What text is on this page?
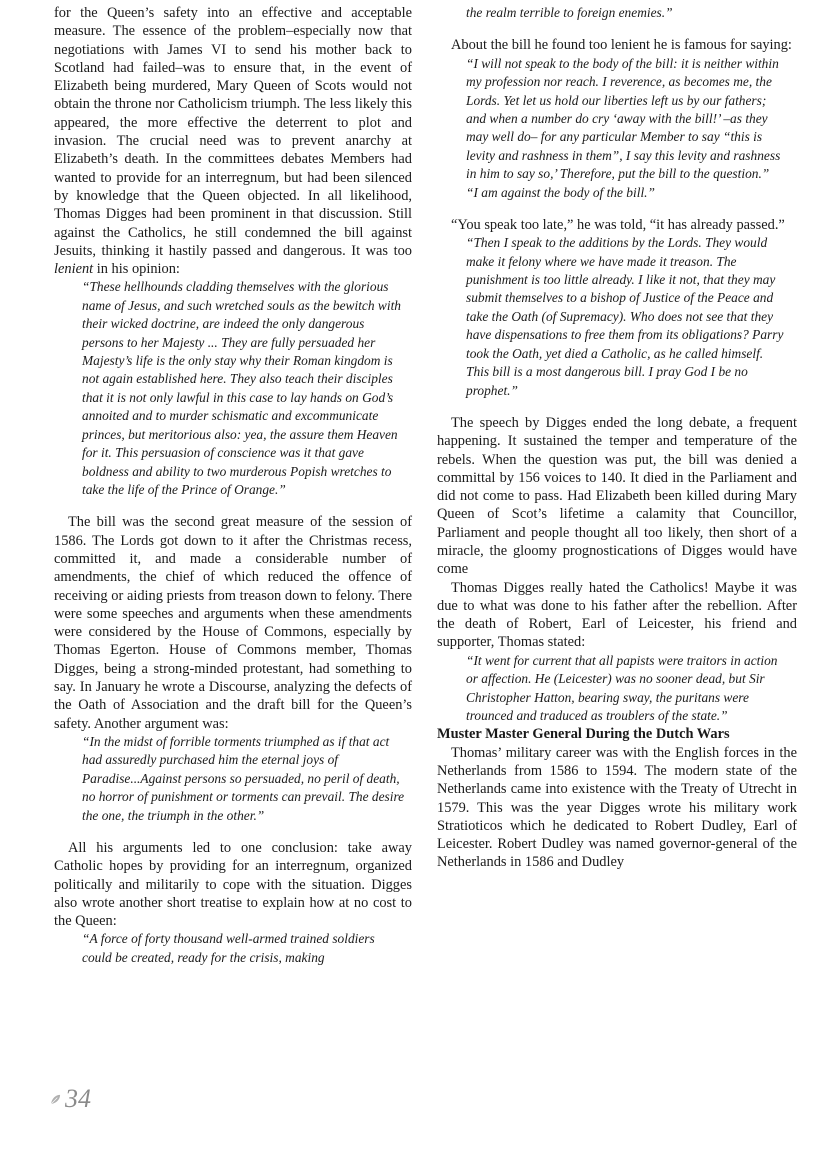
for the Queen’s safety into an effective and acceptable measure. The essence of the problem–especially now that negotiations with James VI to send his mother back to Scotland had failed–was to ensure that, in the event of Elizabeth being murdered, Mary Queen of Scots would not obtain the throne nor Catholicism triumph. The less likely this appeared, the more effective the deterrent to plot and invasion. The crucial need was to prevent anarchy at Elizabeth’s death. In the committees debates Members had wanted to provide for an interregnum, but had been silenced by knowledge that the Queen objected. In all likelihood, Thomas Digges had been prominent in that discussion. Still against the Catholics, he still condemned the bill against Jesuits, thinking it hastily passed and dangerous. It was too lenient in his opinion:

“These hellhounds cladding themselves with the glorious name of Jesus, and such wretched souls as the bewitch with their wicked doctrine, are indeed the only dangerous persons to her Majesty ... They are fully persuaded her Majesty’s life is the only stay why their Roman kingdom is not again established here. They also teach their disciples that it is not only lawful in this case to lay hands on God’s annoited and to murder schismatic and excommunicate princes, but meritorious also: yea, the assure them Heaven for it. This persuasion of conscience was it that gave boldness and ability to two murderous Popish wretches to take the life of the Prince of Orange.”

The bill was the second great measure of the session of 1586. The Lords got down to it after the Christmas recess, committed it, and made a considerable number of amendments, the chief of which reduced the offence of receiving or aiding priests from treason down to felony. There were some speeches and arguments when these amendments were considered by the House of Commons, especially by Thomas Egerton. House of Commons member, Thomas Digges, being a strong-minded protestant, had something to say. In January he wrote a Discourse, analyzing the defects of the Oath of Association and the draft bill for the Queen’s safety. Another argument was:

“In the midst of forrible torments triumphed as if that act had assuredly purchased him the eternal joys of Paradise...Against persons so persuaded, no peril of death, no horror of punishment or torments can prevail. The desire the one, the triumph in the other.”

All his arguments led to one conclusion: take away Catholic hopes by providing for an interregnum, organized politically and militarily to cope with the situation. Digges also wrote another short treatise to explain how at no cost to the Queen:

“A force of forty thousand well-armed trained soldiers could be created, ready for the crisis, making

the realm terrible to foreign enemies.”

About the bill he found too lenient he is famous for saying:

“I will not speak to the body of the bill: it is neither within my profession nor reach. I reverence, as becomes me, the Lords. Yet let us hold our liberties left us by our fathers; and when a number do cry ‘away with the bill!’ –as they may well do– for any particular Member to say “this is levity and rashness in them”, I say this levity and rashness in him to say so,’ Therefore, put the bill to the question.”

“I am against the body of the bill.”

“You speak too late,” he was told, “it has already passed.”

“Then I speak to the additions by the Lords. They would make it felony where we have made it treason. The punishment is too little already. I like it not, that they may submit themselves to a bishop of Justice of the Peace and take the Oath (of Supremacy). Who does not see that they have dispensations to free them from its obligations? Parry took the Oath, yet died a Catholic, as he called himself. This bill is a most dangerous bill. I pray God I be no prophet.”

The speech by Digges ended the long debate, a frequent happening. It sustained the temper and temperature of the rebels. When the question was put, the bill was denied a committal by 156 voices to 140. It died in the Parliament and did not come to pass. Had Elizabeth been killed during Mary Queen of Scot’s lifetime a calamity that Councillor, Parliament and people thought all too likely, then short of a miracle, the gloomy prognostications of Digges would have come

Thomas Digges really hated the Catholics! Maybe it was due to what was done to his father after the rebellion. After the death of Robert, Earl of Leicester, his friend and supporter, Thomas stated:

“It went for current that all papists were traitors in action or affection. He (Leicester) was no sooner dead, but Sir Christopher Hatton, bearing sway, the puritans were trounced and traduced as troublers of the state.”

Muster Master General During the Dutch Wars

Thomas’ military career was with the English forces in the Netherlands from 1586 to 1594. The modern state of the Netherlands came into existence with the Treaty of Utrecht in 1579. This was the year Digges wrote his military work Stratioticos which he dedicated to Robert Dudley, Earl of Leicester. Robert Dudley was named governor-general of the Netherlands in 1586 and Dudley

34
